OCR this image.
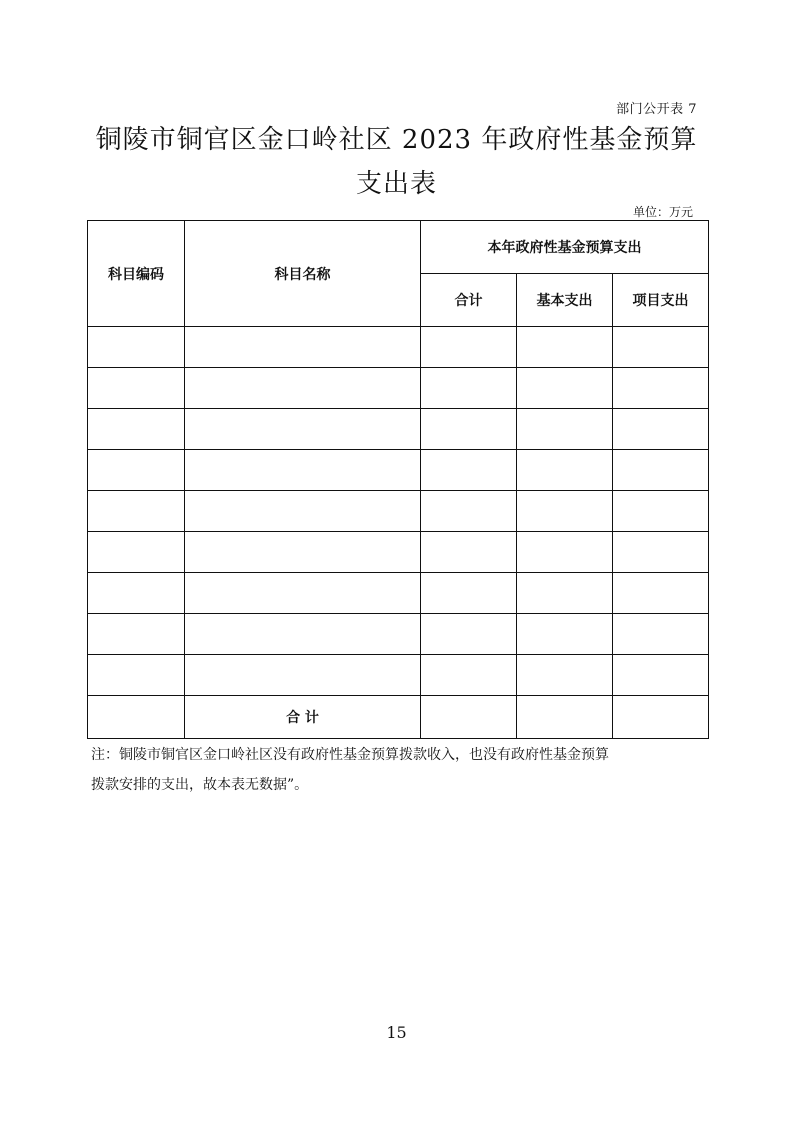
部门公开表 7
铜陵市铜官区金口岭社区 2023 年政府性基金预算
支出表
单位：万元
科目编码	科目名称	本年政府性基金预算支出		
		合计	基本支出	项目支出

	合 计			
注：铜陵市铜官区金口岭社区没有政府性基金预算拨款收入，也没有政府性基金预算
拨款安排的支出，故本表无数据”。
15
